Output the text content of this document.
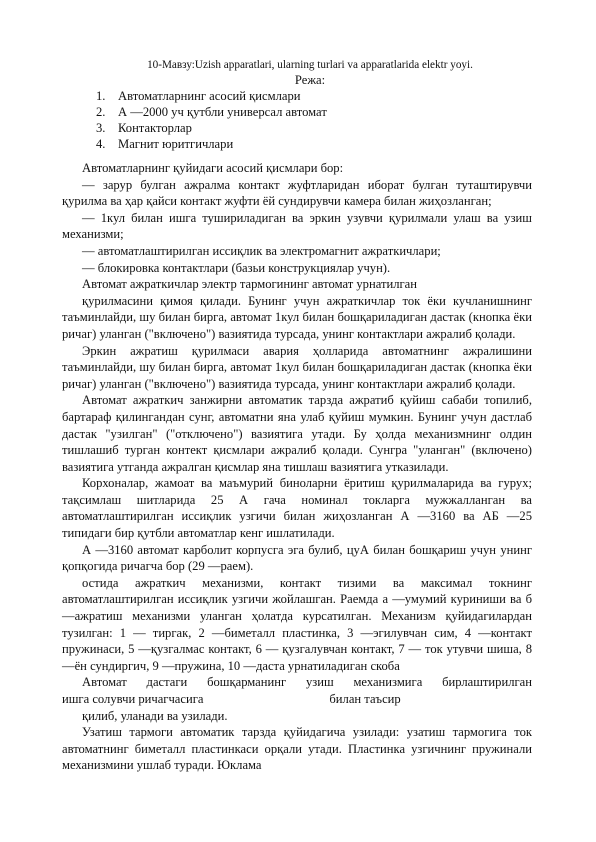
10-Мавзу:Uzish apparatlari, ularning turlari va apparatlarida elektr yoyi.
Режа:
1. Автоматларнинг асосий қисмлари
2. А —2000 уч қутбли универсал автомат
3. Контакторлар
4. Магнит юритгичлари

Автоматларнинг қуйидаги асосий қисмлари бор:

— зарур булган ажралма контакт жуфтларидан иборат булган туташтирувчи қурилма ва ҳар қайси контакт жуфти ёй сундирувчи камера билан жиҳозланган;

— 1кул билан ишга тушириладиган ва эркин узувчи қурилмали улаш ва узиш механизми;

— автоматлаштирилган иссиқлик ва электромагнит ажраткичлари;

— блокировка контактлари (базьи конструкциялар учун).

Автомат ажраткичлар электр тармогининг автомат урнатилган

қурилмасини қимоя қилади. Бунинг учун ажраткичлар ток ёки кучланишнинг таъминлайди, шу билан бирга, автомат 1кул билан бошқариладиган дастак (кнопка ёки ричаг) уланган ("включено") вазиятида турсада, унинг контактлари ажралиб қолади.

Эркин ажратиш қурилмаси авария ҳолларида автоматнинг ажралишини таъминлайди, шу билан бирга, автомат 1кул билан бошқариладиган дастак (кнопка ёки ричаг) уланган ("включено") вазиятида турсада, унинг контактлари ажралиб қолади.

Автомат ажраткич занжирни автоматик тарзда ажратиб қуйиш сабаби топилиб, бартараф қилингандан сунг, автоматни яна улаб қуйиш мумкин. Бунинг учун дастлаб дастак "узилган" ("отключено") вазиятига утади. Бу ҳолда механизмнинг олдин тишлашиб турган контект қисмлари ажралиб қолади. Сунгра "уланган" (включено) вазиятига утганда ажралган қисмлар яна тишлаш вазиятига утказилади.

Корхоналар, жамоат ва маъмурий биноларни ёритиш қурилмаларида ва гурух; тақсимлаш шитларида 25 А гача номинал токларга мужжалланган ва автоматлаштирилган иссиқлик узгичи билан жиҳозланган А —3160 ва АБ —25 типидаги бир қутбли автоматлар кенг ишлатилади.

А —3160 автомат карболит корпусга эга булиб, цуА билан бошқариш учун унинг қопқогида ричагча бор (29 —раем).

остида ажраткич механизми, контакт тизими ва максимал токнинг автоматлаштирилган иссиқлик узгичи жойлашган. Раемда а —умумий куриниши ва б —ажратиш механизми уланган ҳолатда курсатилган. Механизм қуйидагилардан тузилган: 1 — тиргак, 2 —биметалл пластинка, 3 —эгилувчан сим, 4 —контакт пружинаси, 5 —қузгалмас контакт, 6 — қузгалувчан контакт, 7 — ток утувчи шиша, 8 —ён сундиргич, 9 —пружина, 10 —даста урнатиладиган скоба

Автомат дастаги бошқарманинг узиш механизмига бирлаштирилган

ишга солувчи ричагчасига                                        билан таъсир

қилиб, уланади ва узилади.

Узатиш тармоги автоматик тарзда қуйидагича узилади: узатиш тармогига ток автоматнинг биметалл пластинкаси орқали утади. Пластинка узгичнинг пружинали механизмини ушлаб туради. Юклама
